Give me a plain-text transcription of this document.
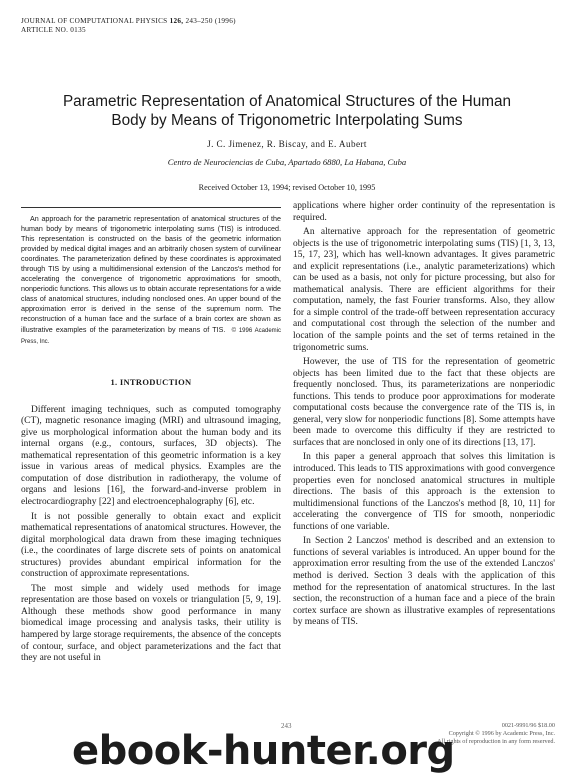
JOURNAL OF COMPUTATIONAL PHYSICS 126, 243–250 (1996)
ARTICLE NO. 0135
Parametric Representation of Anatomical Structures of the Human
Body by Means of Trigonometric Interpolating Sums
J. C. Jimenez, R. Biscay, and E. Aubert
Centro de Neurociencias de Cuba, Apartado 6880, La Habana, Cuba
Received October 13, 1994; revised October 10, 1995

An approach for the parametric representation of anatomical structures of the human body by means of trigonometric interpolating sums (TIS) is introduced. This representation is constructed on the basis of the geometric information provided by medical digital images and an arbitrarily chosen system of curvilinear coordinates. The parameterization defined by these coordinates is approximated through TIS by using a multidimensional extension of the Lanczos's method for accelerating the convergence of trigonometric approximations for smooth, nonperiodic functions. This allows us to obtain accurate representations for a wide class of anatomical structures, including nonclosed ones. An upper bound of the approximation error is derived in the sense of the supremum norm. The reconstruction of a human face and the surface of a brain cortex are shown as illustrative examples of the parameterization by means of TIS. © 1996 Academic Press, Inc.

1. INTRODUCTION

Different imaging techniques, such as computed tomography (CT), magnetic resonance imaging (MRI) and ultrasound imaging, give us morphological information about the human body and its internal organs (e.g., contours, surfaces, 3D objects). The mathematical representation of this geometric information is a key issue in various areas of medical physics. Examples are the computation of dose distribution in radiotherapy, the volume of organs and lesions [16], the forward-and-inverse problem in electrocardiography [22] and electroencephalography [6], etc.

It is not possible generally to obtain exact and explicit mathematical representations of anatomical structures. However, the digital morphological data drawn from these imaging techniques (i.e., the coordinates of large discrete sets of points on anatomical structures) provides abundant empirical information for the construction of approximate representations.

The most simple and widely used methods for image representation are those based on voxels or triangulation [5, 9, 19]. Although these methods show good performance in many biomedical image processing and analysis tasks, their utility is hampered by large storage requirements, the absence of the concepts of contour, surface, and object parameterizations and the fact that they are not useful in

applications where higher order continuity of the representation is required.

An alternative approach for the representation of geometric objects is the use of trigonometric interpolating sums (TIS) [1, 3, 13, 15, 17, 23], which has well-known advantages. It gives parametric and explicit representations (i.e., analytic parameterizations) which can be used as a basis, not only for picture processing, but also for mathematical analysis. There are efficient algorithms for their computation, namely, the fast Fourier transforms. Also, they allow for a simple control of the trade-off between representation accuracy and computational cost through the selection of the number and location of the sample points and the set of terms retained in the trigonometric sums.

However, the use of TIS for the representation of geometric objects has been limited due to the fact that these objects are frequently nonclosed. Thus, its parameterizations are nonperiodic functions. This tends to produce poor approximations for moderate computational costs because the convergence rate of the TIS is, in general, very slow for nonperiodic functions [8]. Some attempts have been made to overcome this difficulty if they are restricted to surfaces that are nonclosed in only one of its directions [13, 17].

In this paper a general approach that solves this limitation is introduced. This leads to TIS approximations with good convergence properties even for nonclosed anatomical structures in multiple directions. The basis of this approach is the extension to multidimensional functions of the Lanczos's method [8, 10, 11] for accelerating the convergence of TIS for smooth, nonperiodic functions of one variable.

In Section 2 Lanczos' method is described and an extension to functions of several variables is introduced. An upper bound for the approximation error resulting from the use of the extended Lanczos' method is derived. Section 3 deals with the application of this method for the representation of anatomical structures. In the last section, the reconstruction of a human face and a piece of the brain cortex surface are shown as illustrative examples of representations by means of TIS.

243	0021-9991/96 $18.00
Copyright © 1996 by Academic Press, Inc.
All rights of reproduction in any form reserved.
ebook-hunter.org
